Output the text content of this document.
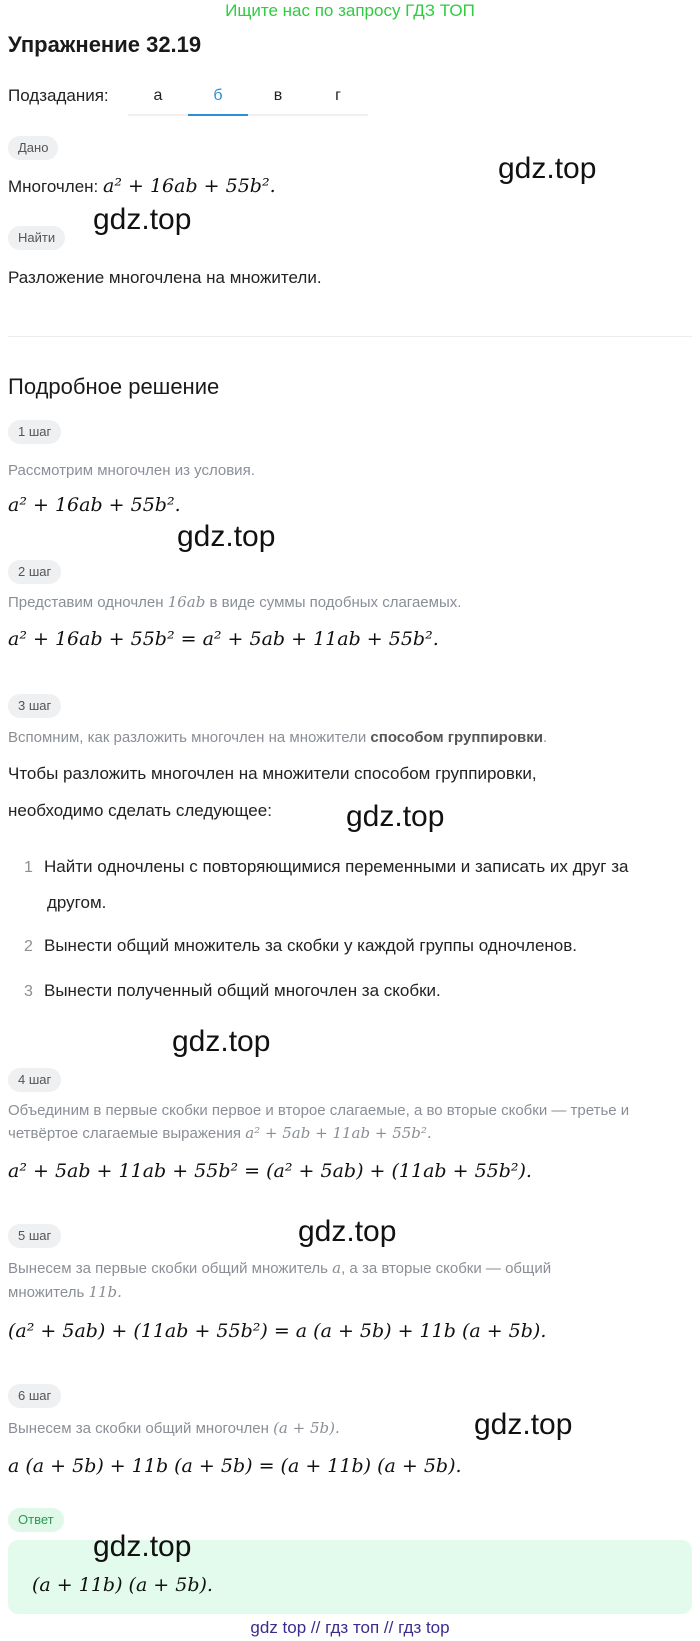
Ищите нас по запросу ГДЗ ТОП
Упражнение 32.19
Подзадания:	а	б	в	г
Дано
Многочлен: a² + 16ab + 55b².
gdz.top
gdz.top
Найти
Разложение многочлена на множители.
Подробное решение
1 шаг
Рассмотрим многочлен из условия.
a² + 16ab + 55b².
gdz.top
2 шаг
Представим одночлен 16ab в виде суммы подобных слагаемых.
a² + 16ab + 55b² = a² + 5ab + 11ab + 55b².
3 шаг
Вспомним, как разложить многочлен на множители способом группировки.
Чтобы разложить многочлен на множители способом группировки,
необходимо сделать следующее: gdz.top
1 Найти одночлены с повторяющимися переменными и записать их друг за
другом.
2 Вынести общий множитель за скобки у каждой группы одночленов.
3 Вынести полученный общий многочлен за скобки.
gdz.top
4 шаг
Объединим в первые скобки первое и второе слагаемые, а во вторые скобки — третье и
четвёртое слагаемые выражения a² + 5ab + 11ab + 55b².
a² + 5ab + 11ab + 55b² = (a² + 5ab) + (11ab + 55b²).
gdz.top
5 шаг
Вынесем за первые скобки общий множитель a, а за вторые скобки — общий
множитель 11b.
(a² + 5ab) + (11ab + 55b²) = a (a + 5b) + 11b (a + 5b).
6 шаг
Вынесем за скобки общий многочлен (a + 5b).	gdz.top
a (a + 5b) + 11b (a + 5b) = (a + 11b) (a + 5b).
Ответ
gdz.top
(a + 11b) (a + 5b).
gdz top // гдз топ // гдз top
